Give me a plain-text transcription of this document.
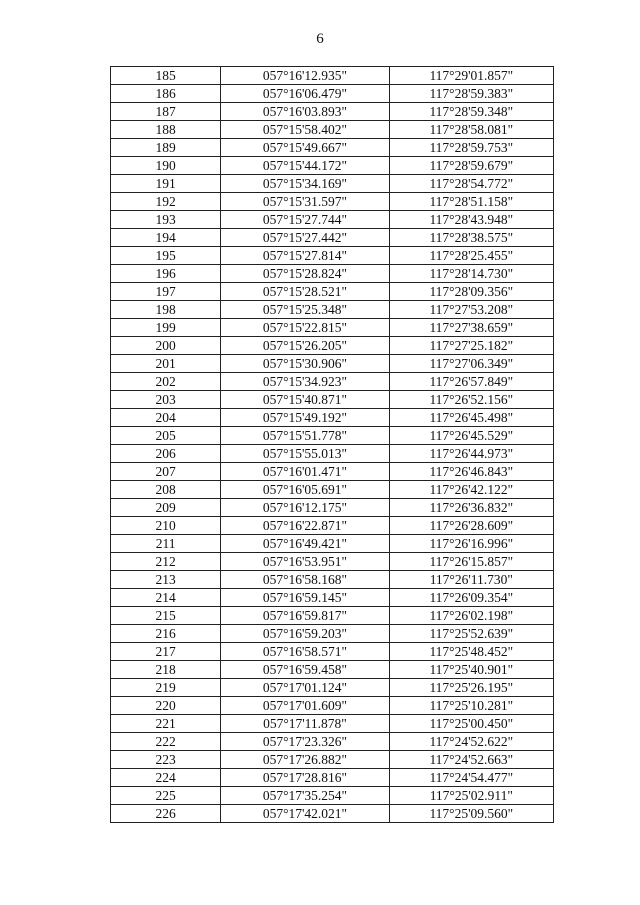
6
185	057°16'12.935"	117°29'01.857"
186	057°16'06.479"	117°28'59.383"
187	057°16'03.893"	117°28'59.348"
188	057°15'58.402"	117°28'58.081"
189	057°15'49.667"	117°28'59.753"
190	057°15'44.172"	117°28'59.679"
191	057°15'34.169"	117°28'54.772"
192	057°15'31.597"	117°28'51.158"
193	057°15'27.744"	117°28'43.948"
194	057°15'27.442"	117°28'38.575"
195	057°15'27.814"	117°28'25.455"
196	057°15'28.824"	117°28'14.730"
197	057°15'28.521"	117°28'09.356"
198	057°15'25.348"	117°27'53.208"
199	057°15'22.815"	117°27'38.659"
200	057°15'26.205"	117°27'25.182"
201	057°15'30.906"	117°27'06.349"
202	057°15'34.923"	117°26'57.849"
203	057°15'40.871"	117°26'52.156"
204	057°15'49.192"	117°26'45.498"
205	057°15'51.778"	117°26'45.529"
206	057°15'55.013"	117°26'44.973"
207	057°16'01.471"	117°26'46.843"
208	057°16'05.691"	117°26'42.122"
209	057°16'12.175"	117°26'36.832"
210	057°16'22.871"	117°26'28.609"
211	057°16'49.421"	117°26'16.996"
212	057°16'53.951"	117°26'15.857"
213	057°16'58.168"	117°26'11.730"
214	057°16'59.145"	117°26'09.354"
215	057°16'59.817"	117°26'02.198"
216	057°16'59.203"	117°25'52.639"
217	057°16'58.571"	117°25'48.452"
218	057°16'59.458"	117°25'40.901"
219	057°17'01.124"	117°25'26.195"
220	057°17'01.609"	117°25'10.281"
221	057°17'11.878"	117°25'00.450"
222	057°17'23.326"	117°24'52.622"
223	057°17'26.882"	117°24'52.663"
224	057°17'28.816"	117°24'54.477"
225	057°17'35.254"	117°25'02.911"
226	057°17'42.021"	117°25'09.560"
